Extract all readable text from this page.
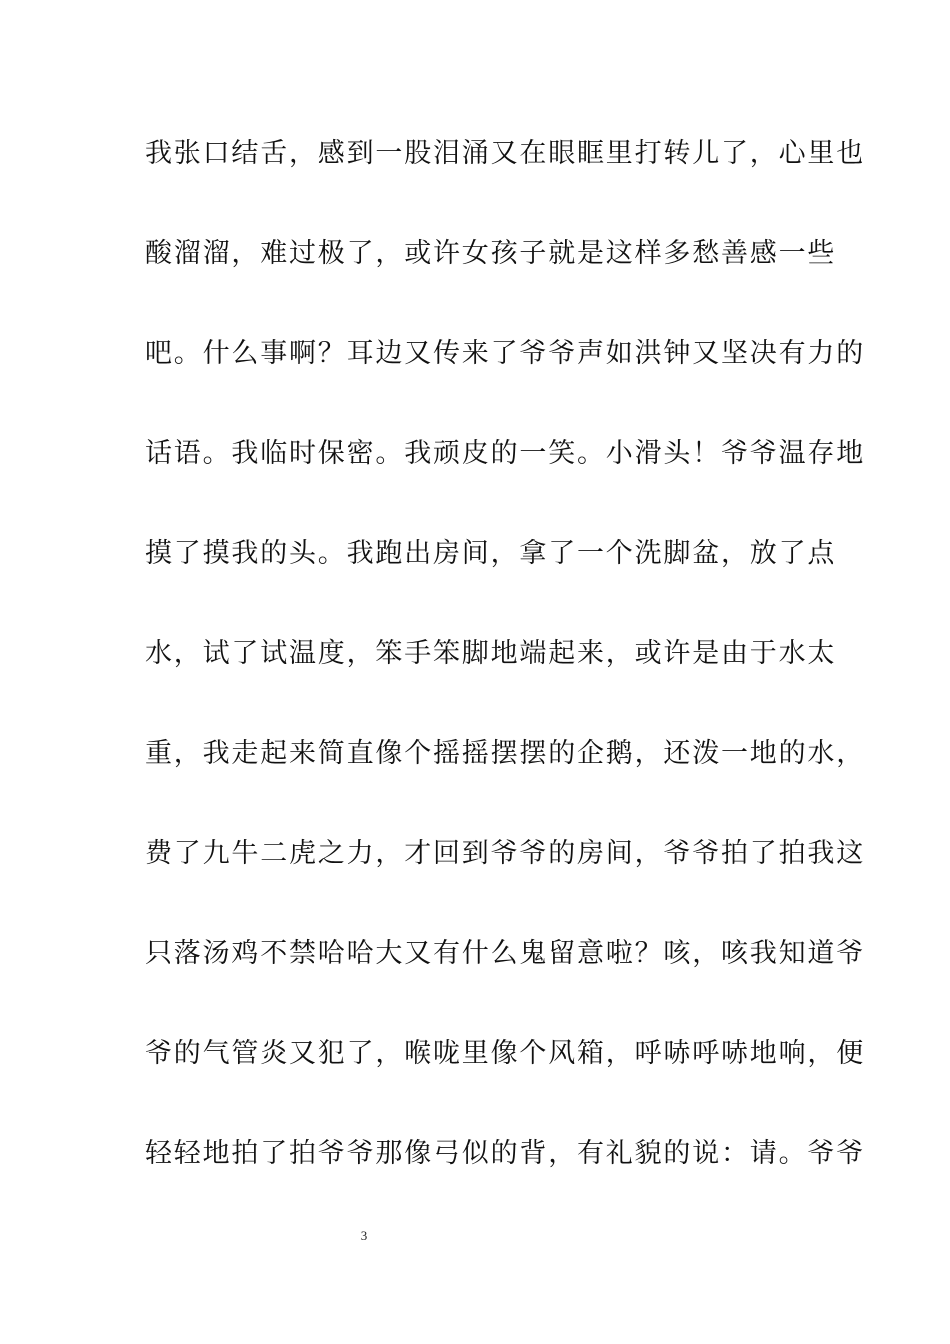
我张口结舌，感到一股泪涌又在眼眶里打转儿了，心里也
酸溜溜，难过极了，或许女孩子就是这样多愁善感一些
吧。什么事啊？耳边又传来了爷爷声如洪钟又坚决有力的
话语。我临时保密。我顽皮的一笑。小滑头！爷爷温存地
摸了摸我的头。我跑出房间，拿了一个洗脚盆，放了点
水，试了试温度，笨手笨脚地端起来，或许是由于水太
重，我走起来简直像个摇摇摆摆的企鹅，还泼一地的水，
费了九牛二虎之力，才回到爷爷的房间，爷爷拍了拍我这
只落汤鸡不禁哈哈大又有什么鬼留意啦？咳，咳我知道爷
爷的气管炎又犯了，喉咙里像个风箱，呼哧呼哧地响，便
轻轻地拍了拍爷爷那像弓似的背，有礼貌的说：请。爷爷
3
